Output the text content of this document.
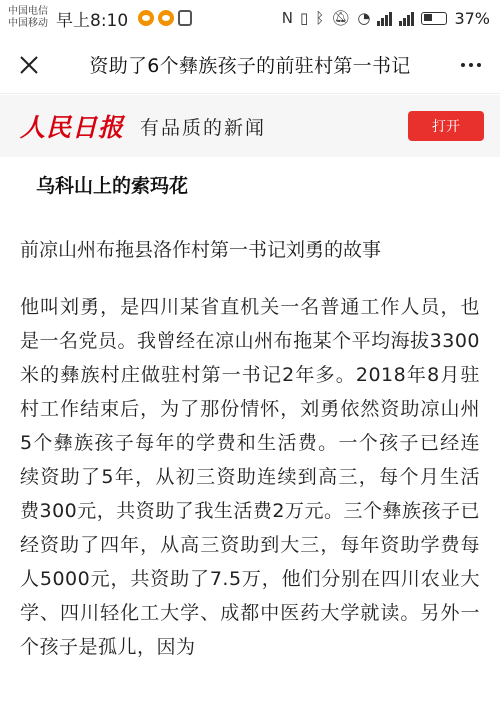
中国电信
中国移动 早上8:10	N ▯ ᛒ 🔕︎ ◔	37%
资助了6个彝族孩子的前驻村第一书记
人民日报 有品质的新闻	打开
乌科山上的索玛花
前凉山州布拖县洛作村第一书记刘勇的故事
他叫刘勇，是四川某省直机关一名普通工作人员，也是一名党员。我曾经在凉山州布拖某个平均海拔3300米的彝族村庄做驻村第一书记2年多。2018年8月驻村工作结束后，为了那份情怀，刘勇依然资助凉山州5个彝族孩子每年的学费和生活费。一个孩子已经连续资助了5年，从初三资助连续到高三，每个月生活费300元，共资助了我生活费2万元。三个彝族孩子已经资助了四年，从高三资助到大三，每年资助学费每人5000元，共资助了7.5万，他们分别在四川农业大学、四川轻化工大学、成都中医药大学就读。另外一个孩子是孤儿，因为
